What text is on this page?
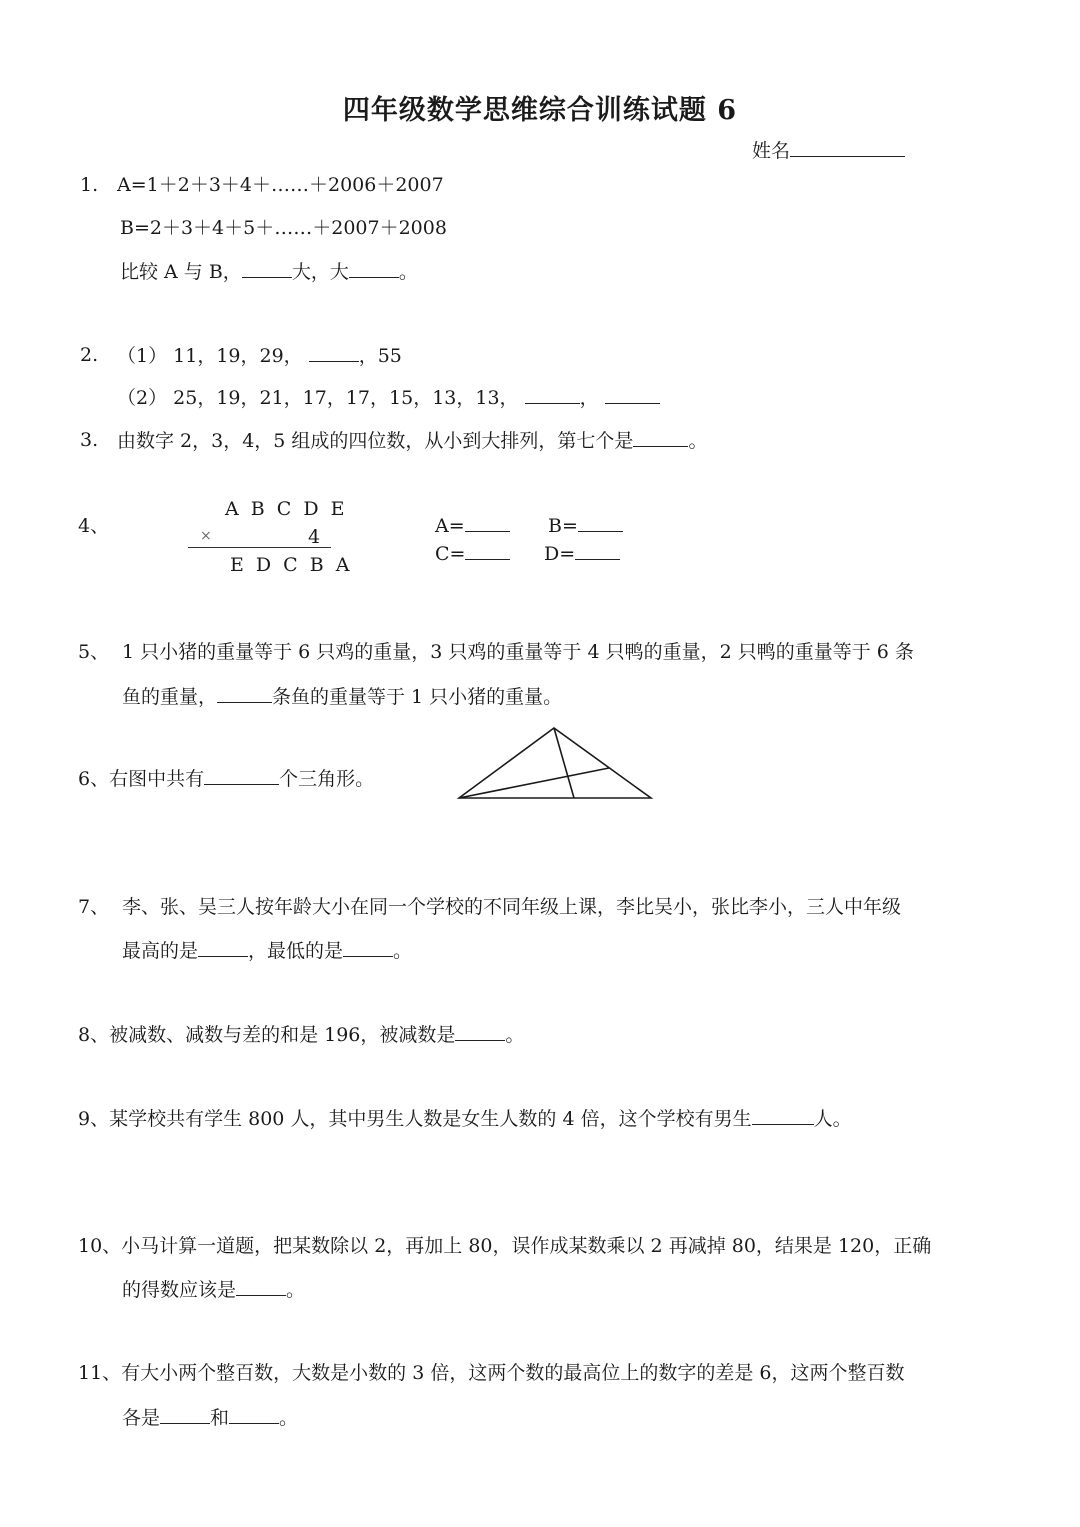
四年级数学思维综合训练试题 6
姓名
1. A=1＋2＋3＋4＋……＋2006＋2007
B=2＋3＋4＋5＋……＋2007＋2008
比较 A 与 B，	大，大	。
2. （1） 11，19，29，	，55
（2） 25，19，21，17，17，15，13，13，	，
3. 由数字 2，3，4，5 组成的四位数，从小到大排列，第七个是	。
4、
A B C D E
×	4
E D C B A
A=	B=
C=	D=
5、 1 只小猪的重量等于 6 只鸡的重量，3 只鸡的重量等于 4 只鸭的重量，2 只鸭的重量等于 6 条
鱼的重量，	条鱼的重量等于 1 只小猪的重量。
6、右图中共有	个三角形。
7、 李、张、吴三人按年龄大小在同一个学校的不同年级上课，李比吴小，张比李小，三人中年级
最高的是	，最低的是	。
8、被减数、减数与差的和是 196，被减数是	。
9、某学校共有学生 800 人，其中男生人数是女生人数的 4 倍，这个学校有男生	人。
10、小马计算一道题，把某数除以 2，再加上 80，误作成某数乘以 2 再减掉 80，结果是 120，正确
的得数应该是	。
11、有大小两个整百数，大数是小数的 3 倍，这两个数的最高位上的数字的差是 6，这两个整百数
各是	和	。
